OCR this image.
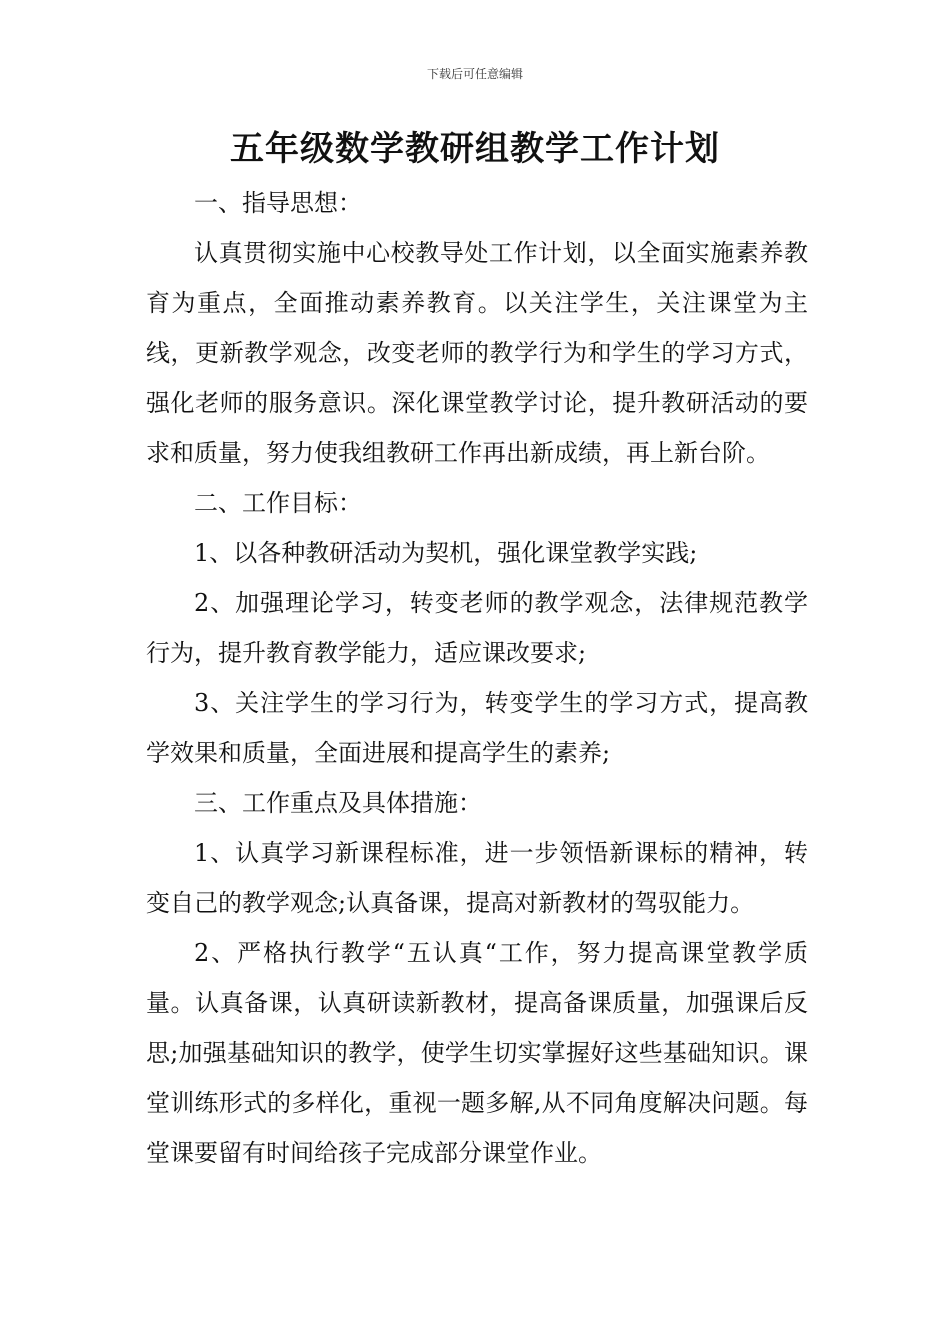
下载后可任意编辑
五年级数学教研组教学工作计划

一、指导思想：

认真贯彻实施中心校教导处工作计划，以全面实施素养教育为重点，全面推动素养教育。以关注学生，关注课堂为主线，更新教学观念，改变老师的教学行为和学生的学习方式，强化老师的服务意识。深化课堂教学讨论，提升教研活动的要求和质量，努力使我组教研工作再出新成绩，再上新台阶。

二、工作目标：

1、以各种教研活动为契机，强化课堂教学实践;

2、加强理论学习，转变老师的教学观念，法律规范教学行为，提升教育教学能力，适应课改要求;

3、关注学生的学习行为，转变学生的学习方式，提高教学效果和质量，全面进展和提高学生的素养;

三、工作重点及具体措施：

1、认真学习新课程标准，进一步领悟新课标的精神，转变自己的教学观念;认真备课，提高对新教材的驾驭能力。

2、严格执行教学“五认真“工作，努力提高课堂教学质量。认真备课，认真研读新教材，提高备课质量，加强课后反思;加强基础知识的教学，使学生切实掌握好这些基础知识。课堂训练形式的多样化，重视一题多解,从不同角度解决问题。每堂课要留有时间给孩子完成部分课堂作业。
